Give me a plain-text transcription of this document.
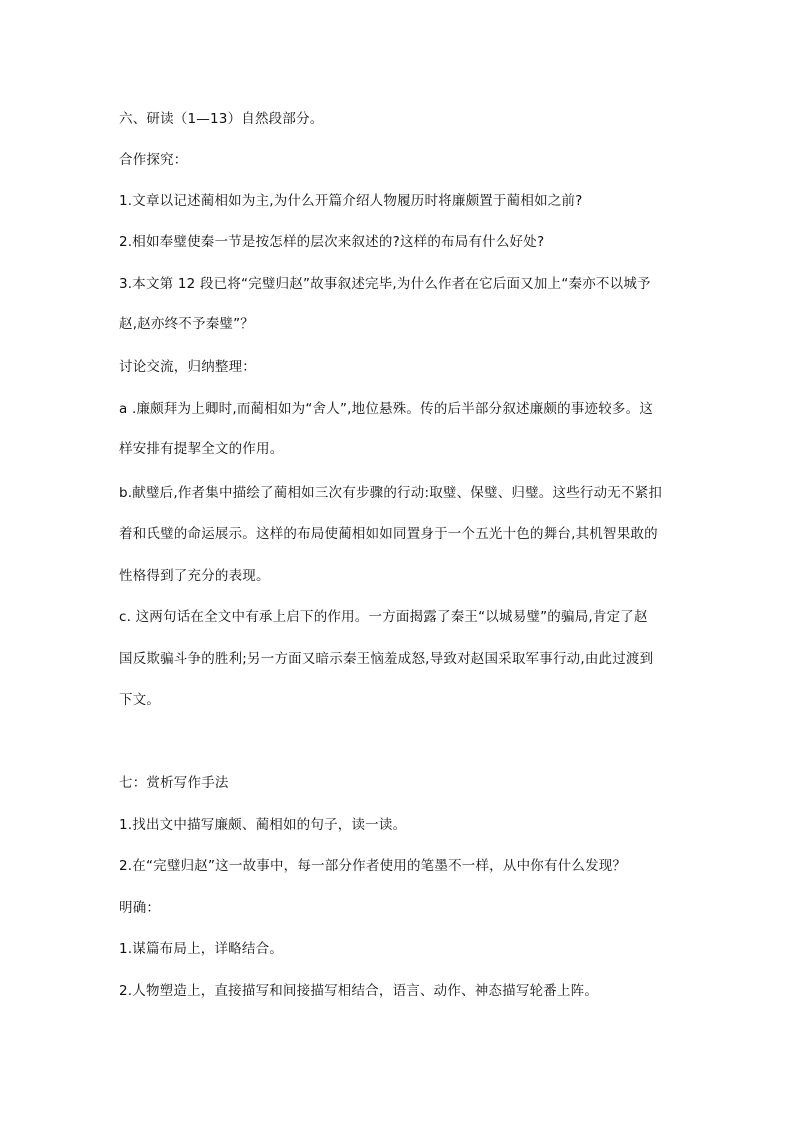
六、研读（1—13）自然段部分。
合作探究：
1.文章以记述蔺相如为主,为什么开篇介绍人物履历时将廉颇置于蔺相如之前?
2.相如奉璧使秦一节是按怎样的层次来叙述的?这样的布局有什么好处?
3.本文第 12 段已将“完璧归赵”故事叙述完毕,为什么作者在它后面又加上“秦亦不以城予
赵,赵亦终不予秦璧”？
讨论交流，归纳整理：
a .廉颇拜为上卿时,而蔺相如为“舍人”,地位悬殊。传的后半部分叙述廉颇的事迹较多。这
样安排有提挈全文的作用。
b.献璧后,作者集中描绘了蔺相如三次有步骤的行动:取璧、保璧、归璧。这些行动无不紧扣
着和氏璧的命运展示。这样的布局使蔺相如如同置身于一个五光十色的舞台,其机智果敢的
性格得到了充分的表现。
c. 这两句话在全文中有承上启下的作用。一方面揭露了秦王“以城易璧”的骗局,肯定了赵
国反欺骗斗争的胜利;另一方面又暗示秦王恼羞成怒,导致对赵国采取军事行动,由此过渡到
下文。
七：赏析写作手法
1.找出文中描写廉颇、蔺相如的句子，读一读。
2.在“完璧归赵”这一故事中，每一部分作者使用的笔墨不一样，从中你有什么发现？
明确：
1.谋篇布局上，详略结合。
2.人物塑造上，直接描写和间接描写相结合，语言、动作、神态描写轮番上阵。
